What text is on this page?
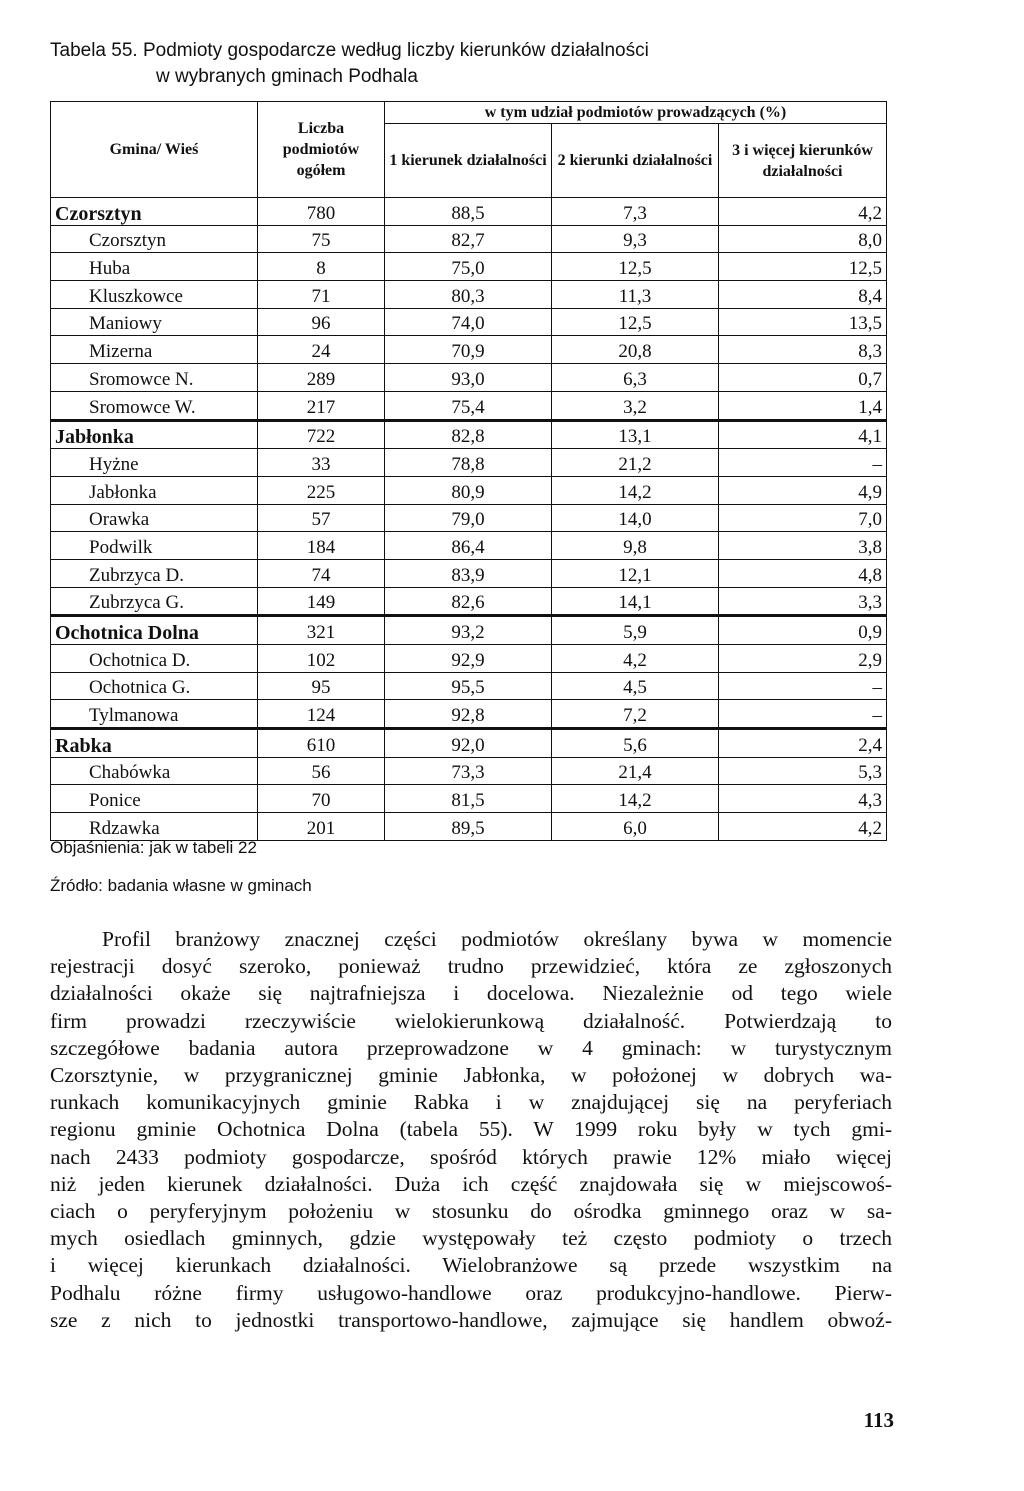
Tabela 55. Podmioty gospodarcze według liczby kierunków działalności
w wybranych gminach Podhala
Gmina/ Wieś	Liczba podmiotów ogółem	w tym udział podmiotów prowadzących (%)		
		1 kierunek działalności	2 kierunki działalności	3 i więcej kierunków działalności
Czorsztyn	780	88,5	7,3	4,2
Czorsztyn	75	82,7	9,3	8,0
Huba	8	75,0	12,5	12,5
Kluszkowce	71	80,3	11,3	8,4
Maniowy	96	74,0	12,5	13,5
Mizerna	24	70,9	20,8	8,3
Sromowce N.	289	93,0	6,3	0,7
Sromowce W.	217	75,4	3,2	1,4
Jabłonka	722	82,8	13,1	4,1
Hyżne	33	78,8	21,2	–
Jabłonka	225	80,9	14,2	4,9
Orawka	57	79,0	14,0	7,0
Podwilk	184	86,4	9,8	3,8
Zubrzyca D.	74	83,9	12,1	4,8
Zubrzyca G.	149	82,6	14,1	3,3
Ochotnica Dolna	321	93,2	5,9	0,9
Ochotnica D.	102	92,9	4,2	2,9
Ochotnica G.	95	95,5	4,5	–
Tylmanowa	124	92,8	7,2	–
Rabka	610	92,0	5,6	2,4
Chabówka	56	73,3	21,4	5,3
Ponice	70	81,5	14,2	4,3
Rdzawka	201	89,5	6,0	4,2
Objaśnienia: jak w tabeli 22
Źródło: badania własne w gminach
Profil branżowy znacznej części podmiotów określany bywa w momencie
rejestracji dosyć szeroko, ponieważ trudno przewidzieć, która ze zgłoszonych
działalności okaże się najtrafniejsza i docelowa. Niezależnie od tego wiele
firm prowadzi rzeczywiście wielokierunkową działalność. Potwierdzają to
szczegółowe badania autora przeprowadzone w 4 gminach: w turystycznym
Czorsztynie, w przygranicznej gminie Jabłonka, w położonej w dobrych wa-
runkach komunikacyjnych gminie Rabka i w znajdującej się na peryferiach
regionu gminie Ochotnica Dolna (tabela 55). W 1999 roku były w tych gmi-
nach 2433 podmioty gospodarcze, spośród których prawie 12% miało więcej
niż jeden kierunek działalności. Duża ich część znajdowała się w miejscowoś-
ciach o peryferyjnym położeniu w stosunku do ośrodka gminnego oraz w sa-
mych osiedlach gminnych, gdzie występowały też często podmioty o trzech
i więcej kierunkach działalności. Wielobranżowe są przede wszystkim na
Podhalu różne firmy usługowo-handlowe oraz produkcyjno-handlowe. Pierw-
sze z nich to jednostki transportowo-handlowe, zajmujące się handlem obwoź-
113
